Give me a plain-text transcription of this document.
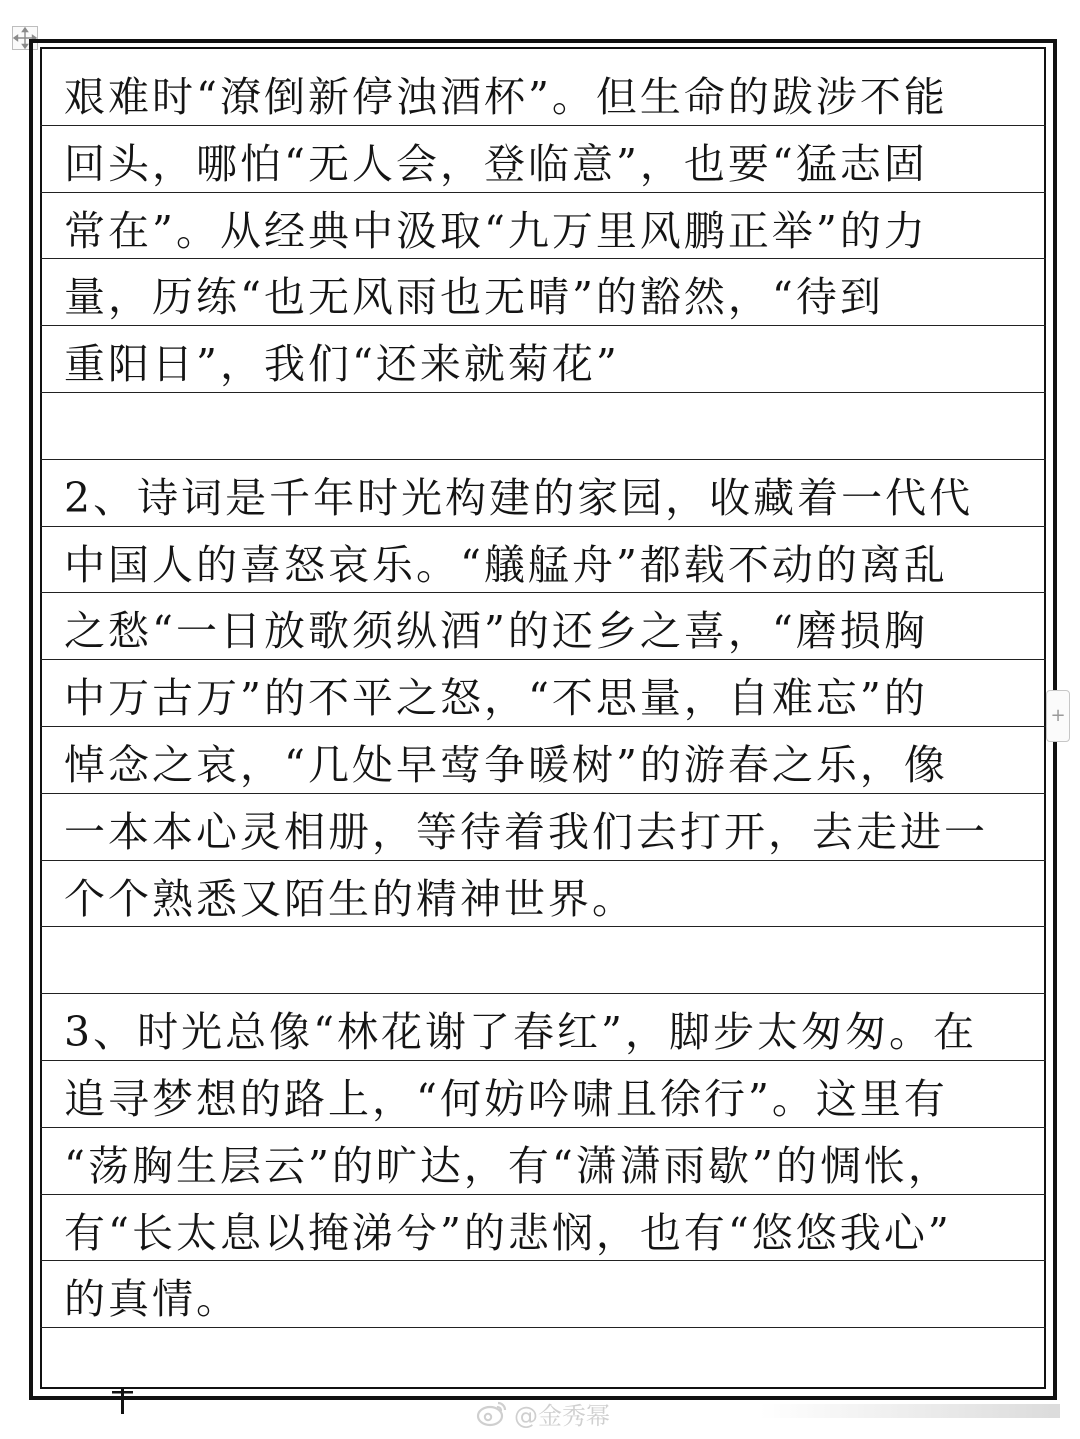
艰难时“潦倒新停浊酒杯”。但生命的跋涉不能
回头，哪怕“无人会，登临意”，也要“猛志固
常在”。从经典中汲取“九万里风鹏正举”的力
量，历练“也无风雨也无晴”的豁然，“待到
重阳日”，我们“还来就菊花”
2、诗词是千年时光构建的家园，收藏着一代代
中国人的喜怒哀乐。“艤艋舟”都载不动的离乱
之愁“一日放歌须纵酒”的还乡之喜，“磨损胸
中万古万”的不平之怒，“不思量，自难忘”的
悼念之哀，“几处早莺争暖树”的游春之乐，像
一本本心灵相册，等待着我们去打开，去走进一
个个熟悉又陌生的精神世界。
3、时光总像“林花谢了春红”，脚步太匆匆。在
追寻梦想的路上，“何妨吟啸且徐行”。这里有
“荡胸生层云”的旷达，有“潇潇雨歇”的惆怅，
有“长太息以掩涕兮”的悲悯，也有“悠悠我心”
的真情。
+
@金秀幂
